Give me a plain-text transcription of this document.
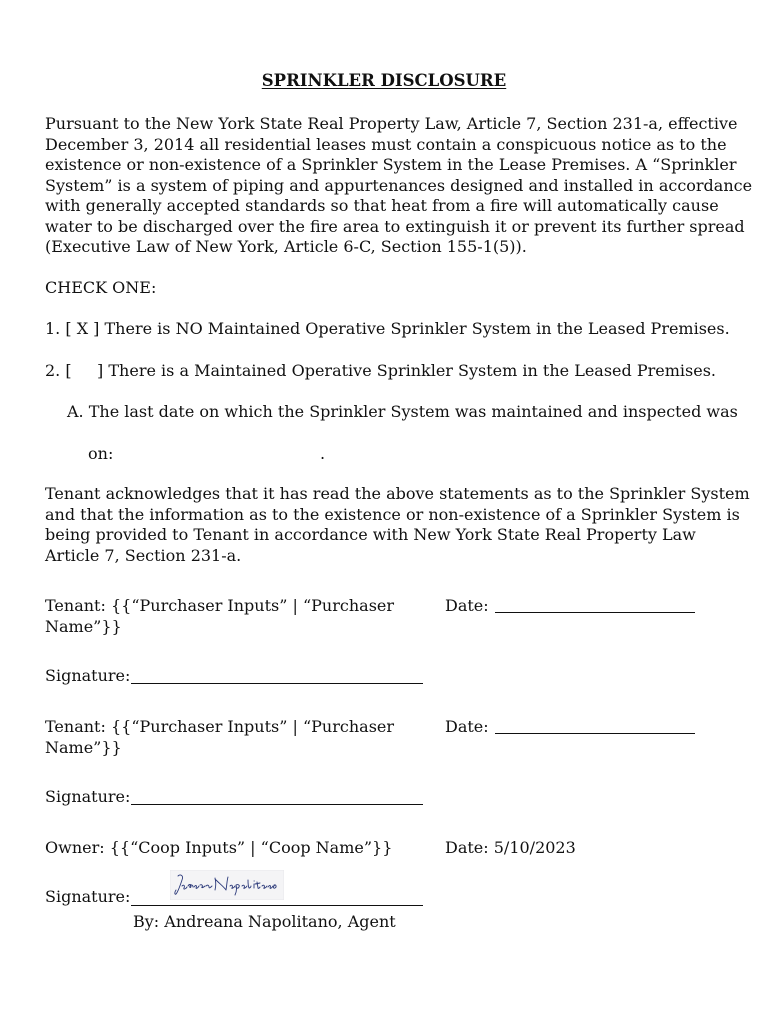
SPRINKLER DISCLOSURE
Pursuant to the New York State Real Property Law, Article 7, Section 231-a, effective
December 3, 2014 all residential leases must contain a conspicuous notice as to the
existence or non-existence of a Sprinkler System in the Lease Premises. A “Sprinkler
System” is a system of piping and appurtenances designed and installed in accordance
with generally accepted standards so that heat from a fire will automatically cause
water to be discharged over the fire area to extinguish it or prevent its further spread
(Executive Law of New York, Article 6-C, Section 155-1(5)).
CHECK ONE:
1. [ X ] There is NO Maintained Operative Sprinkler System in the Leased Premises.
2. [     ] There is a Maintained Operative Sprinkler System in the Leased Premises.
A. The last date on which the Sprinkler System was maintained and inspected was
on:	.
Tenant acknowledges that it has read the above statements as to the Sprinkler System
and that the information as to the existence or non-existence of a Sprinkler System is
being provided to Tenant in accordance with New York State Real Property Law
Article 7, Section 231-a.
Tenant: {{“Purchaser Inputs” | “Purchaser
Name”}}
Date:
Signature:
Tenant: {{“Purchaser Inputs” | “Purchaser
Name”}}
Date:
Signature:
Owner: {{“Coop Inputs” | “Coop Name”}}	Date: 5/10/2023
Signature:
By: Andreana Napolitano, Agent
